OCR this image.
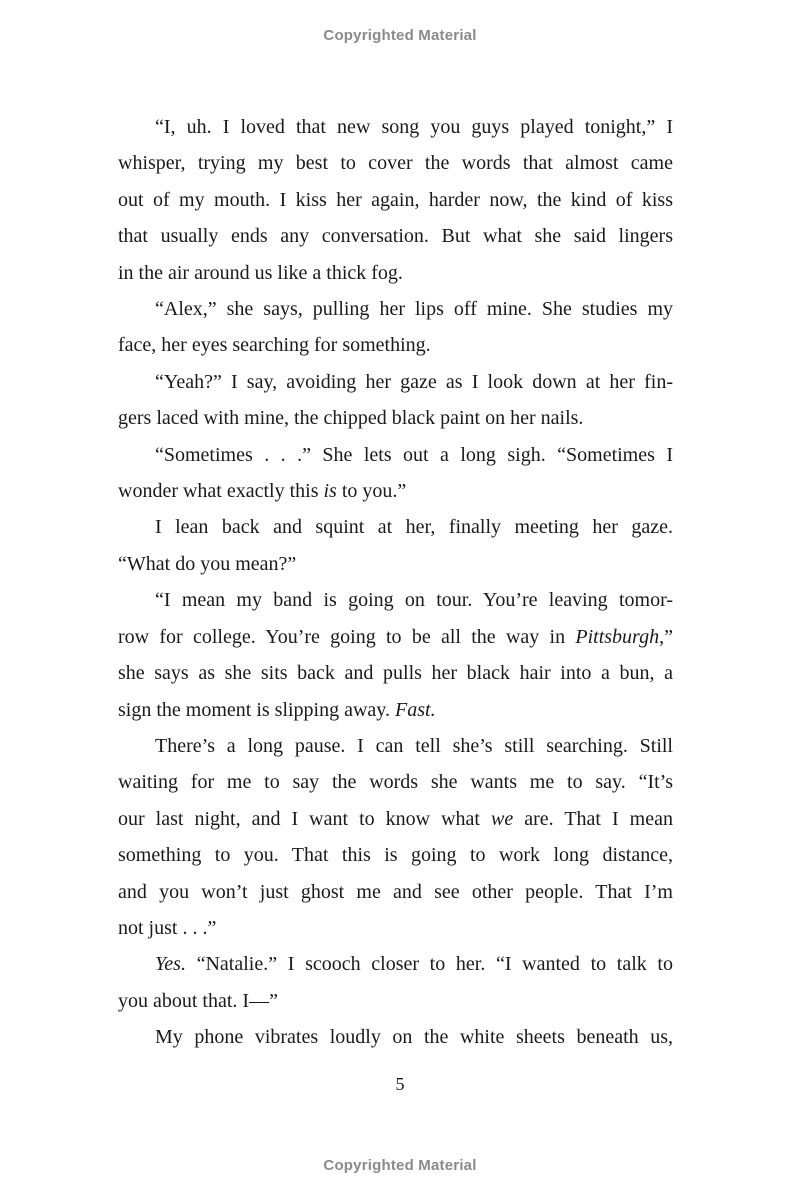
Copyrighted Material
“I, uh. I loved that new song you guys played tonight,” I
whisper, trying my best to cover the words that almost came
out of my mouth. I kiss her again, harder now, the kind of kiss
that usually ends any conversation. But what she said lingers
in the air around us like a thick fog.
“Alex,” she says, pulling her lips off mine. She studies my
face, her eyes searching for something.
“Yeah?” I say, avoiding her gaze as I look down at her fin-
gers laced with mine, the chipped black paint on her nails.
“Sometimes . . .” She lets out a long sigh. “Sometimes I
wonder what exactly this is to you.”
I lean back and squint at her, finally meeting her gaze.
“What do you mean?”
“I mean my band is going on tour. You’re leaving tomor-
row for college. You’re going to be all the way in Pittsburgh,”
she says as she sits back and pulls her black hair into a bun, a
sign the moment is slipping away. Fast.
There’s a long pause. I can tell she’s still searching. Still
waiting for me to say the words she wants me to say. “It’s
our last night, and I want to know what we are. That I mean
something to you. That this is going to work long distance,
and you won’t just ghost me and see other people. That I’m
not just . . .”
Yes. “Natalie.” I scooch closer to her. “I wanted to talk to
you about that. I—”
My phone vibrates loudly on the white sheets beneath us,
5
Copyrighted Material
